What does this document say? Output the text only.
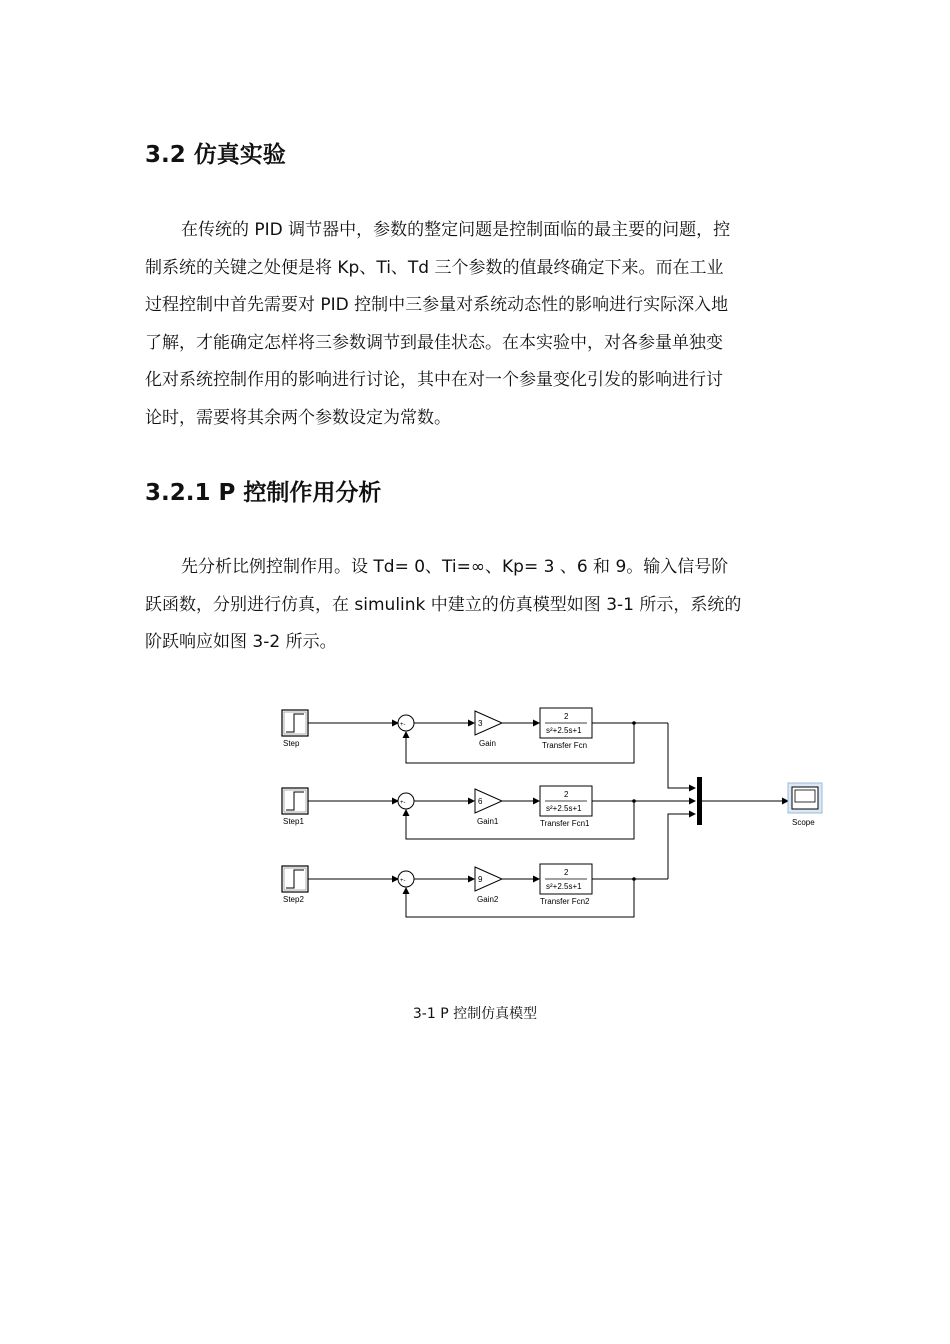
3.2 仿真实验
在传统的 PID 调节器中，参数的整定问题是控制面临的最主要的问题，控
制系统的关键之处便是将 Kp、Ti、Td 三个参数的值最终确定下来。而在工业
过程控制中首先需要对 PID 控制中三参量对系统动态性的影响进行实际深入地
了解，才能确定怎样将三参数调节到最佳状态。在本实验中，对各参量单独变
化对系统控制作用的影响进行讨论，其中在对一个参量变化引发的影响进行讨
论时，需要将其余两个参数设定为常数。
3.2.1 P 控制作用分析
先分析比例控制作用。设 Td= 0、Ti=∞、Kp= 3 、6 和 9。输入信号阶
跃函数，分别进行仿真，在 simulink 中建立的仿真模型如图 3-1 所示，系统的
阶跃响应如图 3-2 所示。
Step
+-	3
Gain
2
s²+2.5s+1
Transfer Fcn
Step1
+-	6
Gain1
2
s²+2.5s+1
Transfer Fcn1
Step2
+-	9
Gain2
2
s²+2.5s+1
Transfer Fcn2
Scope
3-1 P 控制仿真模型
